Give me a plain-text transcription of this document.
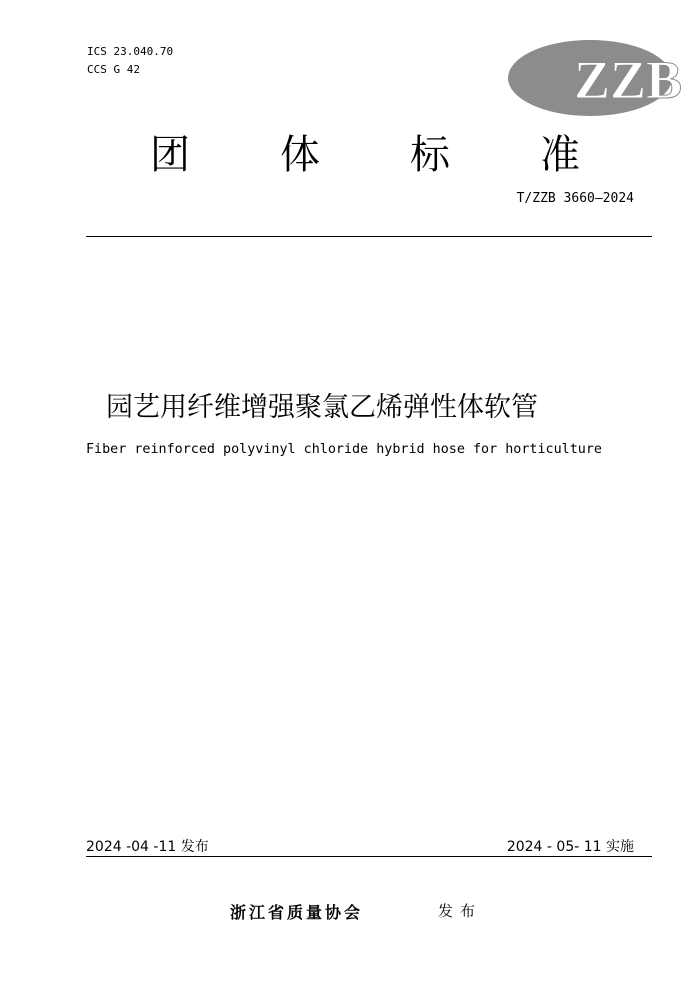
ICS 23.040.70
CCS G 42	ZZB
团 体 标 准
T/ZZB 3660—2024
园艺用纤维增强聚氯乙烯弹性体软管
Fiber reinforced polyvinyl chloride hybrid hose for horticulture
2024 -04 -11 发布	2024 - 05- 11 实施
浙江省质量协会	发布
